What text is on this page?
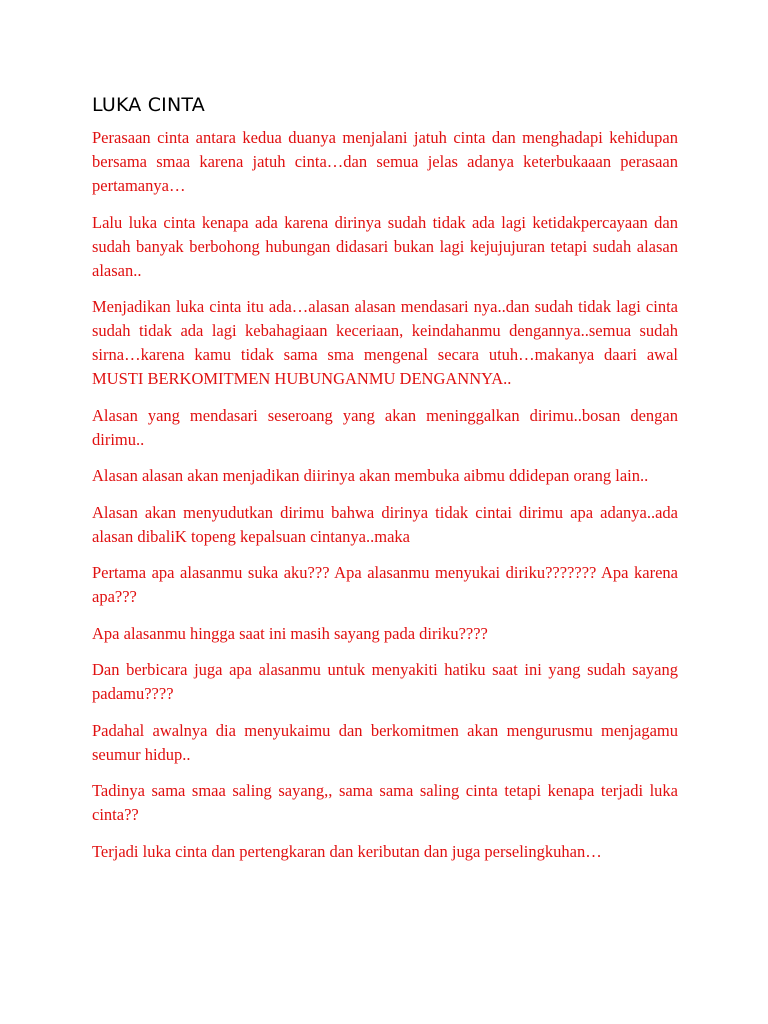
LUKA CINTA

Perasaan cinta antara kedua duanya menjalani jatuh cinta dan menghadapi kehidupan bersama smaa karena jatuh cinta…dan semua jelas adanya keterbukaaan perasaan pertamanya…

Lalu luka cinta kenapa ada karena dirinya sudah tidak ada lagi ketidakpercayaan dan sudah banyak berbohong hubungan didasari bukan lagi kejujujuran tetapi sudah alasan alasan..

Menjadikan luka cinta itu ada…alasan alasan mendasari nya..dan sudah tidak lagi cinta sudah tidak ada lagi kebahagiaan keceriaan, keindahanmu dengannya..semua sudah sirna…karena kamu tidak sama sma mengenal secara utuh…makanya daari awal MUSTI BERKOMITMEN HUBUNGANMU DENGANNYA..

Alasan yang mendasari seseroang yang akan meninggalkan dirimu..bosan dengan dirimu..

Alasan alasan akan menjadikan diirinya akan membuka aibmu ddidepan orang lain..

Alasan akan menyudutkan dirimu bahwa dirinya tidak cintai dirimu apa adanya..ada alasan dibaliK topeng kepalsuan cintanya..maka

Pertama apa alasanmu suka aku??? Apa alasanmu menyukai diriku??????? Apa karena apa???

Apa alasanmu hingga saat ini masih sayang pada diriku????

Dan berbicara juga apa alasanmu untuk menyakiti hatiku saat ini yang sudah sayang padamu????

Padahal awalnya dia menyukaimu dan berkomitmen akan mengurusmu menjagamu seumur hidup..

Tadinya sama smaa saling sayang,, sama sama saling cinta tetapi kenapa terjadi luka cinta??

Terjadi luka cinta dan pertengkaran dan keributan dan juga perselingkuhan…
